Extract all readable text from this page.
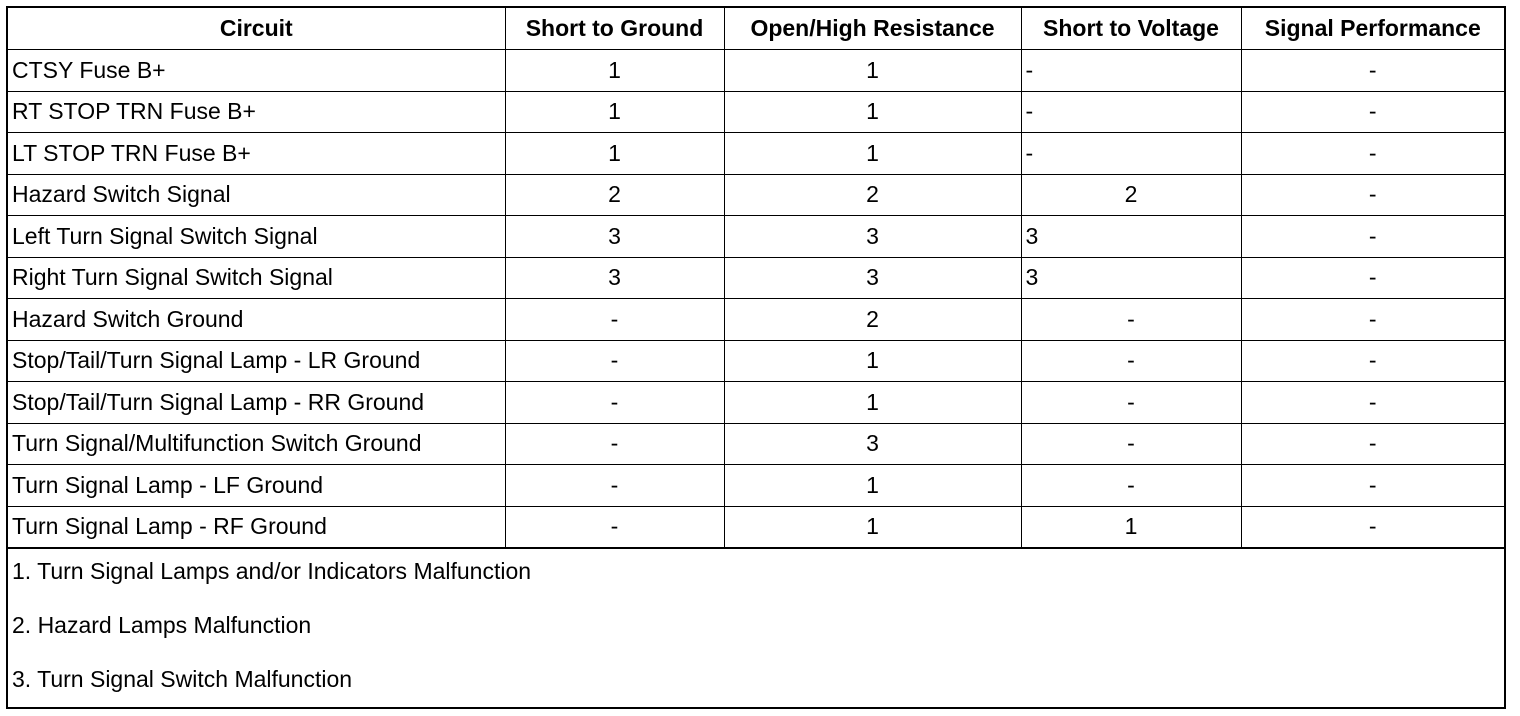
Circuit	Short to Ground	Open/High Resistance	Short to Voltage	Signal Performance
CTSY Fuse B+	1	1	-	-
RT STOP TRN Fuse B+	1	1	-	-
LT STOP TRN Fuse B+	1	1	-	-
Hazard Switch Signal	2	2	2	-
Left Turn Signal Switch Signal	3	3	3	-
Right Turn Signal Switch Signal	3	3	3	-
Hazard Switch Ground	-	2	-	-
Stop/Tail/Turn Signal Lamp - LR Ground	-	1	-	-
Stop/Tail/Turn Signal Lamp - RR Ground	-	1	-	-
Turn Signal/Multifunction Switch Ground	-	3	-	-
Turn Signal Lamp - LF Ground	-	1	-	-
Turn Signal Lamp - RF Ground	-	1	1	-
1. Turn Signal Lamps and/or Indicators Malfunction
2. Hazard Lamps Malfunction
3. Turn Signal Switch Malfunction
